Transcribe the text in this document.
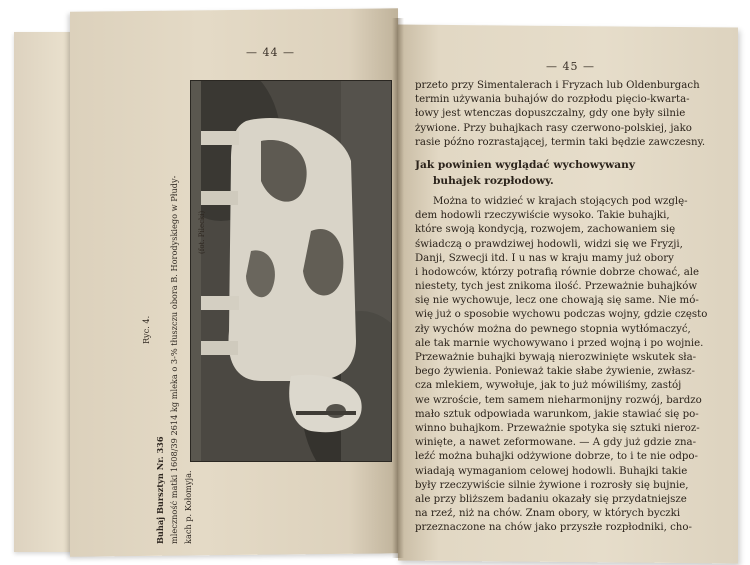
— 44 —
— 45 —
Ryc. 4.
Buhaj Bursztyn Nr. 336 mleczność matki 1608/39 2614 kg mleka o 3-% tłuszczu obora B. Horodyskiego w Płudy- kach p. Kołomyja.
(fot. Pilecki)
przeto przy Simentalerach i Fryzach lub Oldenburgach
termin używania buhajów do rozpłodu pięcio-kwarta-
łowy jest wtenczas dopuszczalny, gdy one były silnie
żywione. Przy buhajkach rasy czerwono-polskiej, jako
rasie późno rozrastającej, termin taki będzie zawczesny.
Jak powinien wyglądać wychowywany
buhajek rozpłodowy.
Można to widzieć w krajach stojących pod wzglę-
dem hodowli rzeczywiście wysoko. Takie buhajki,
które swoją kondycją, rozwojem, zachowaniem się
świadczą o prawdziwej hodowli, widzi się we Fryzji,
Danji, Szwecji itd. I u nas w kraju mamy już obory
i hodowców, którzy potrafią równie dobrze chować, ale
niestety, tych jest znikoma ilość. Przeważnie buhajków
się nie wychowuje, lecz one chowają się same. Nie mó-
wię już o sposobie wychowu podczas wojny, gdzie często
zły wychów można do pewnego stopnia wytłómaczyć,
ale tak marnie wychowywano i przed wojną i po wojnie.
Przeważnie buhajki bywają nierozwinięte wskutek sła-
bego żywienia. Ponieważ takie słabe żywienie, zwłasz-
cza mlekiem, wywołuje, jak to już mówiliśmy, zastój
we wzroście, tem samem nieharmonijny rozwój, bardzo
mało sztuk odpowiada warunkom, jakie stawiać się po-
winno buhajkom. Przeważnie spotyka się sztuki nieroz-
winięte, a nawet zeformowane. — A gdy już gdzie zna-
leźć można buhajki odżywione dobrze, to i te nie odpo-
wiadają wymaganiom celowej hodowli. Buhajki takie
były rzeczywiście silnie żywione i rozrosły się bujnie,
ale przy bliższem badaniu okazały się przydatniejsze
na rzeź, niż na chów. Znam obory, w których byczki
przeznaczone na chów jako przyszłe rozpłodniki, cho-
